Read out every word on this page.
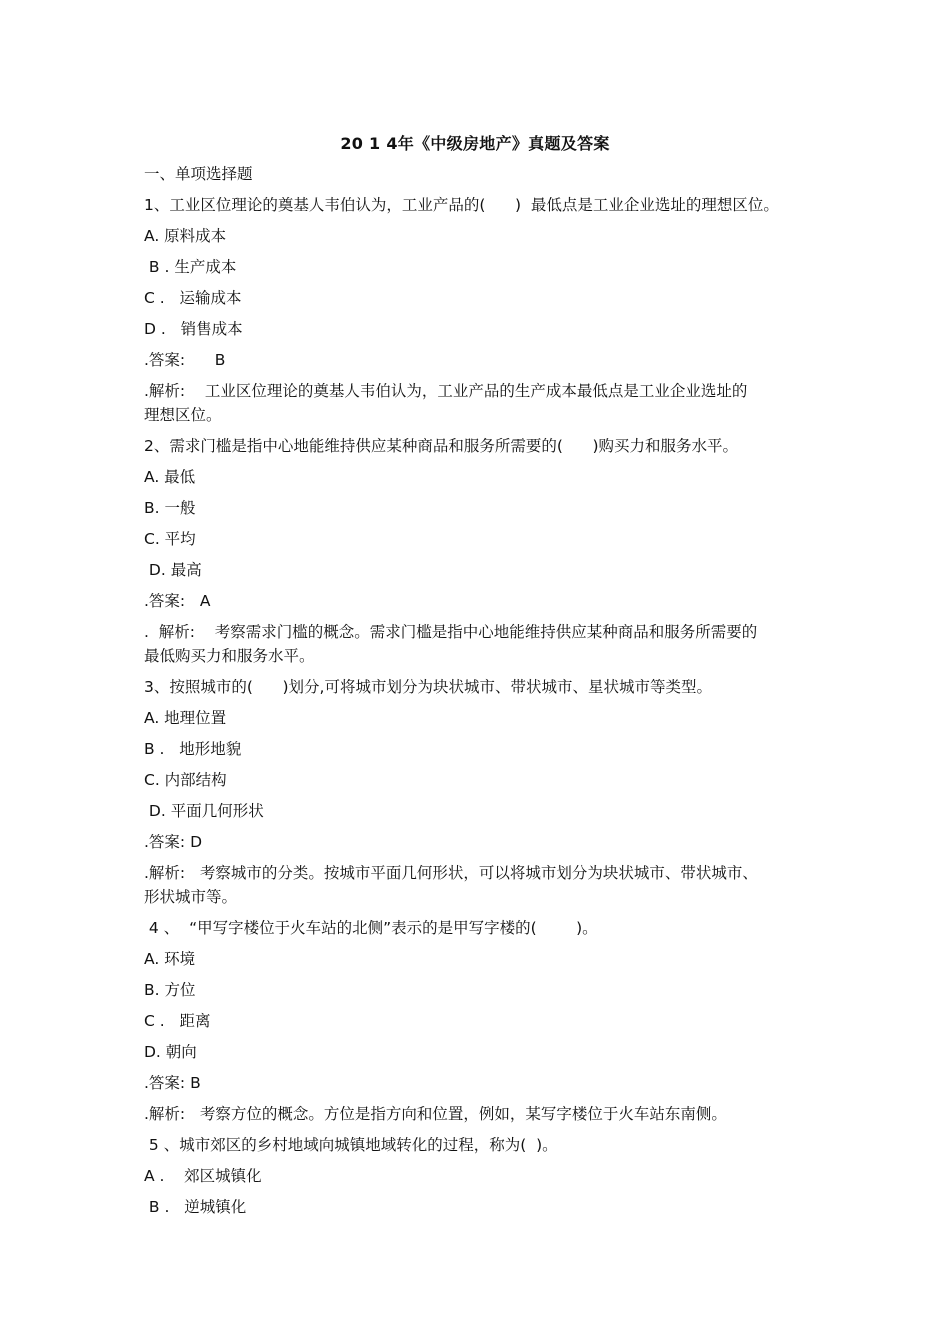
20 1 4年《中级房地产》真题及答案
一、单项选择题
1、工业区位理论的奠基人韦伯认为，工业产品的(      )  最低点是工业企业选址的理想区位。
A. 原料成本
B . 生产成本
C .   运输成本
D .   销售成本
.答案:      B
.解析:    工业区位理论的奠基人韦伯认为，工业产品的生产成本最低点是工业企业选址的
理想区位。
2、需求门槛是指中心地能维持供应某种商品和服务所需要的(      )购买力和服务水平。
A. 最低
B. 一般
C. 平均
D. 最高
.答案:   A
.  解析:    考察需求门槛的概念。需求门槛是指中心地能维持供应某种商品和服务所需要的
最低购买力和服务水平。
3、按照城市的(      )划分,可将城市划分为块状城市、带状城市、星状城市等类型。
A. 地理位置
B .   地形地貌
C. 内部结构
D. 平面几何形状
.答案: D
.解析:   考察城市的分类。按城市平面几何形状，可以将城市划分为块状城市、带状城市、
形状城市等。
4 、  “甲写字楼位于火车站的北侧”表示的是甲写字楼的(        )。
A. 环境
B. 方位
C .   距离
D. 朝向
.答案: B
.解析:   考察方位的概念。方位是指方向和位置，例如，某写字楼位于火车站东南侧。
5 、城市郊区的乡村地域向城镇地域转化的过程，称为(  )。
A .    郊区城镇化
B .   逆城镇化
